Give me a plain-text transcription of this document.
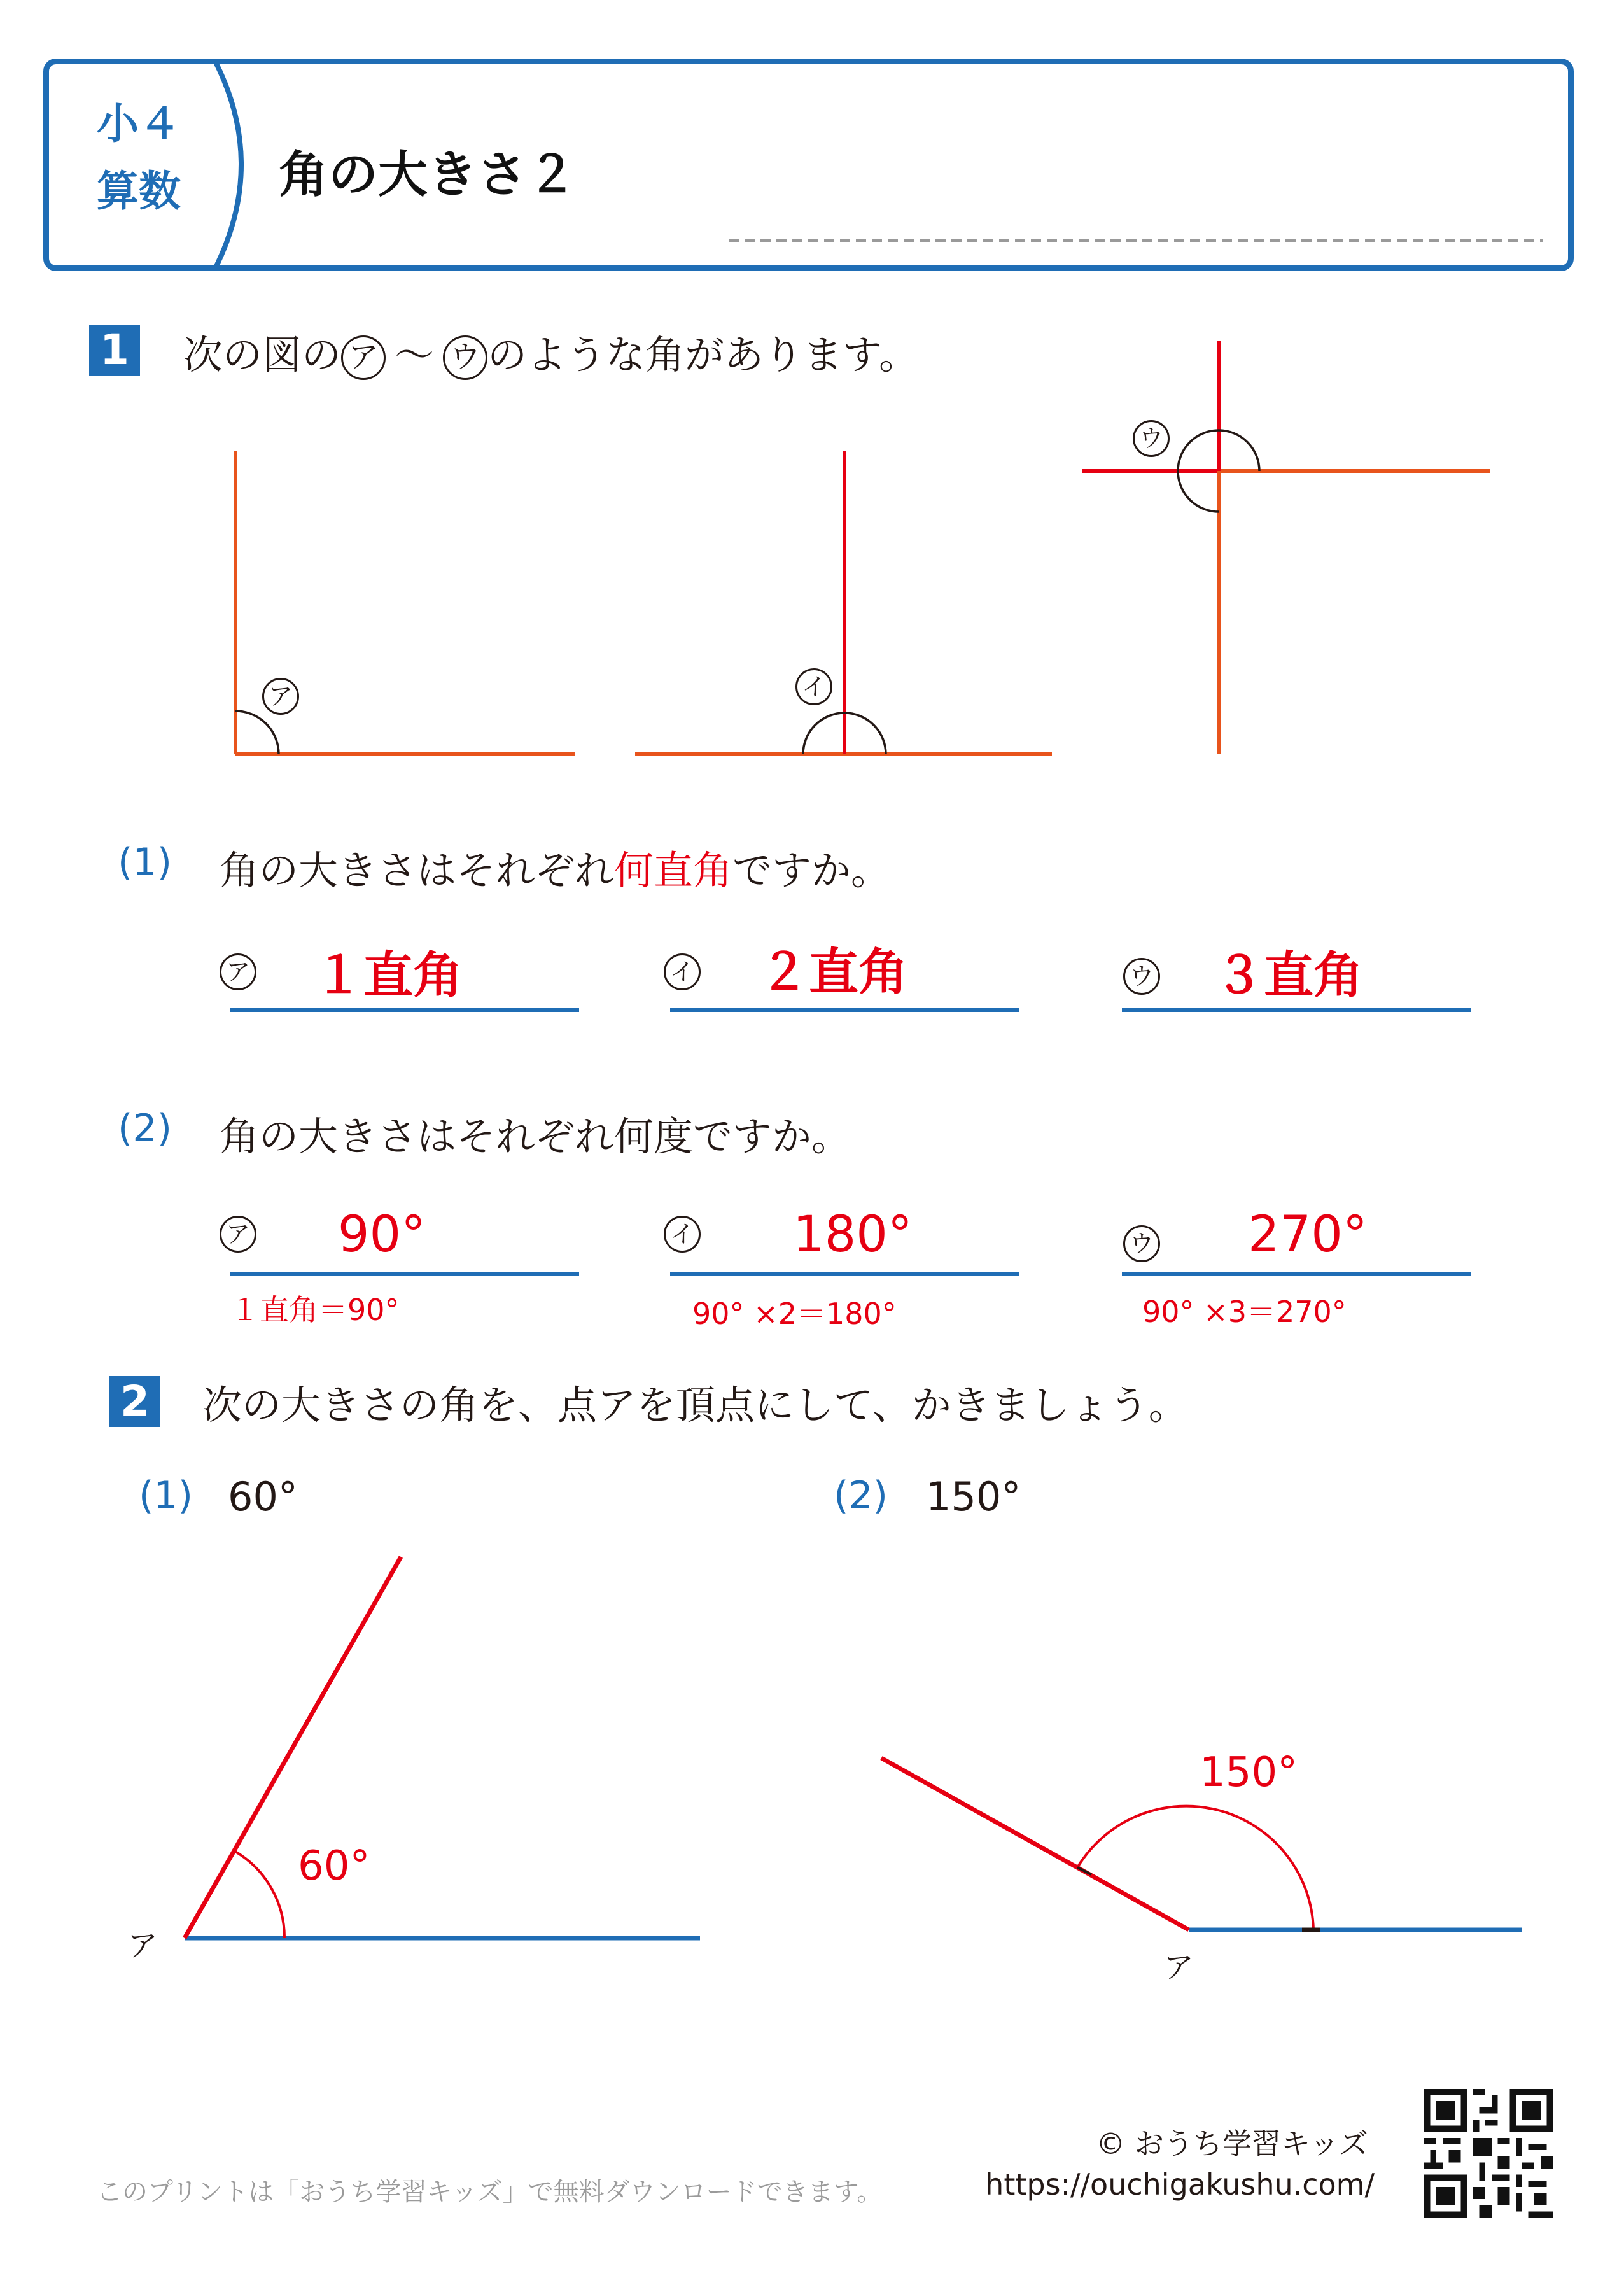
小４
算数	角の大きさ２
1 次の図の ア ～ ウ のような角があります。
ア	イ
ウ
(1) 角の大きさはそれぞれ何直角ですか。
ア	１直角	イ	２直角	ウ	３直角
(2) 角の大きさはそれぞれ何度ですか。
ア	90°
１直角＝90°
イ	180°
90° ×2＝180°
ウ	270°
90° ×3＝270°
2 次の大きさの角を、点アを頂点にして、かきましょう。
(1) 60°	(2) 150°
60°
ア
150°
ア
このプリントは「おうち学習キッズ」で無料ダウンロードできます。
© おうち学習キッズ
https://ouchigakushu.com/
